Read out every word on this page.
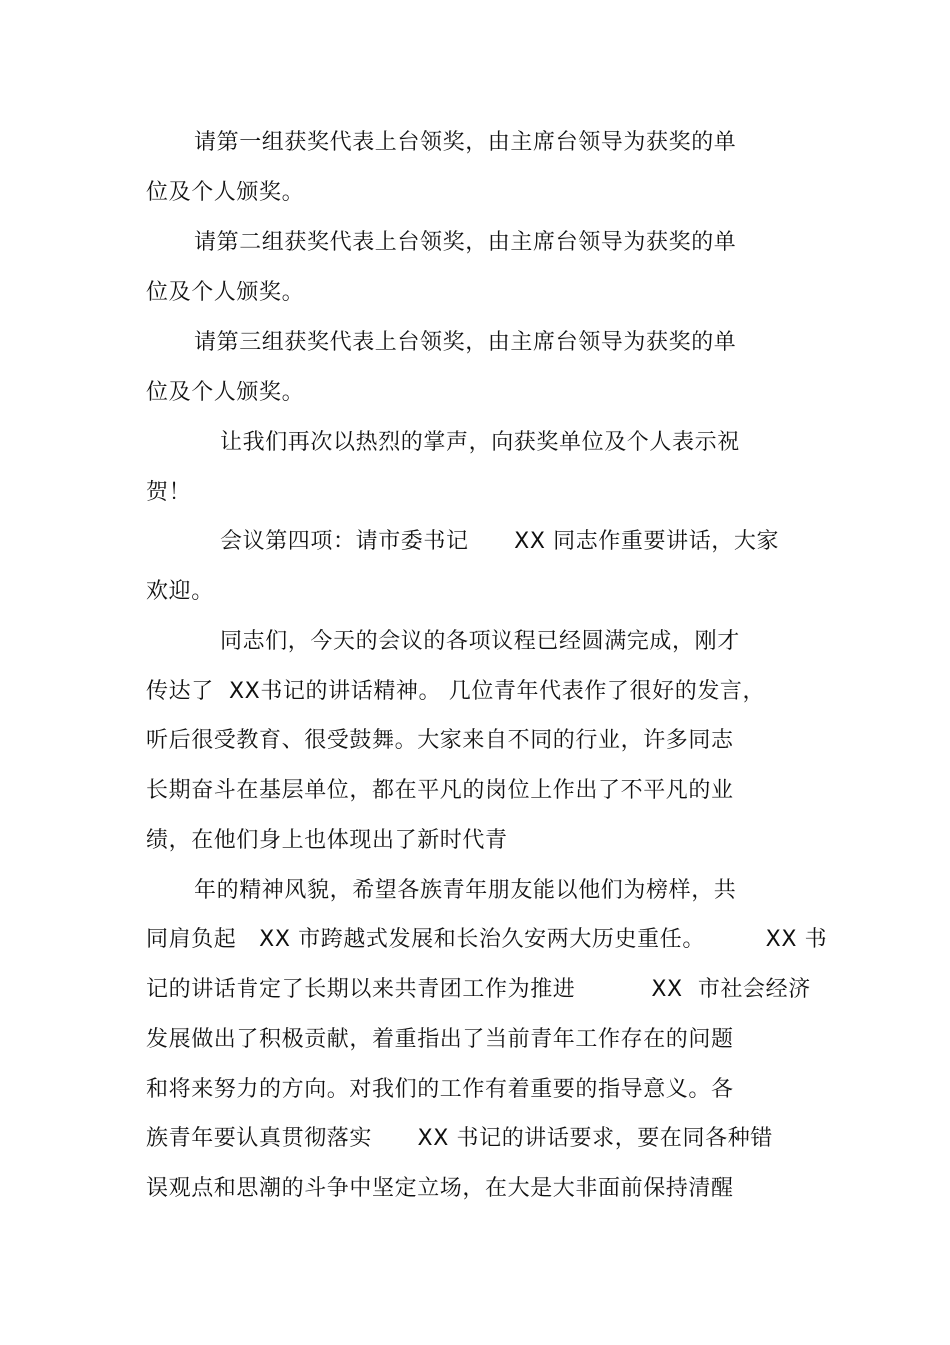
请第一组获奖代表上台领奖，由主席台领导为获奖的单
位及个人颁奖。
请第二组获奖代表上台领奖，由主席台领导为获奖的单
位及个人颁奖。
请第三组获奖代表上台领奖，由主席台领导为获奖的单
位及个人颁奖。
让我们再次以热烈的掌声，向获奖单位及个人表示祝
贺！
会议第四项：请市委书记      XX 同志作重要讲话，大家
欢迎。
同志们，今天的会议的各项议程已经圆满完成，刚才
传达了  XX书记的讲话精神。 几位青年代表作了很好的发言，
听后很受教育、很受鼓舞。大家来自不同的行业，许多同志
长期奋斗在基层单位，都在平凡的岗位上作出了不平凡的业
绩，在他们身上也体现出了新时代青
年的精神风貌，希望各族青年朋友能以他们为榜样，共
同肩负起   XX 市跨越式发展和长治久安两大历史重任。        XX 书
记的讲话肯定了长期以来共青团工作为推进          XX  市社会经济
发展做出了积极贡献，着重指出了当前青年工作存在的问题
和将来努力的方向。对我们的工作有着重要的指导意义。各
族青年要认真贯彻落实      XX 书记的讲话要求，要在同各种错
误观点和思潮的斗争中坚定立场，在大是大非面前保持清醒
